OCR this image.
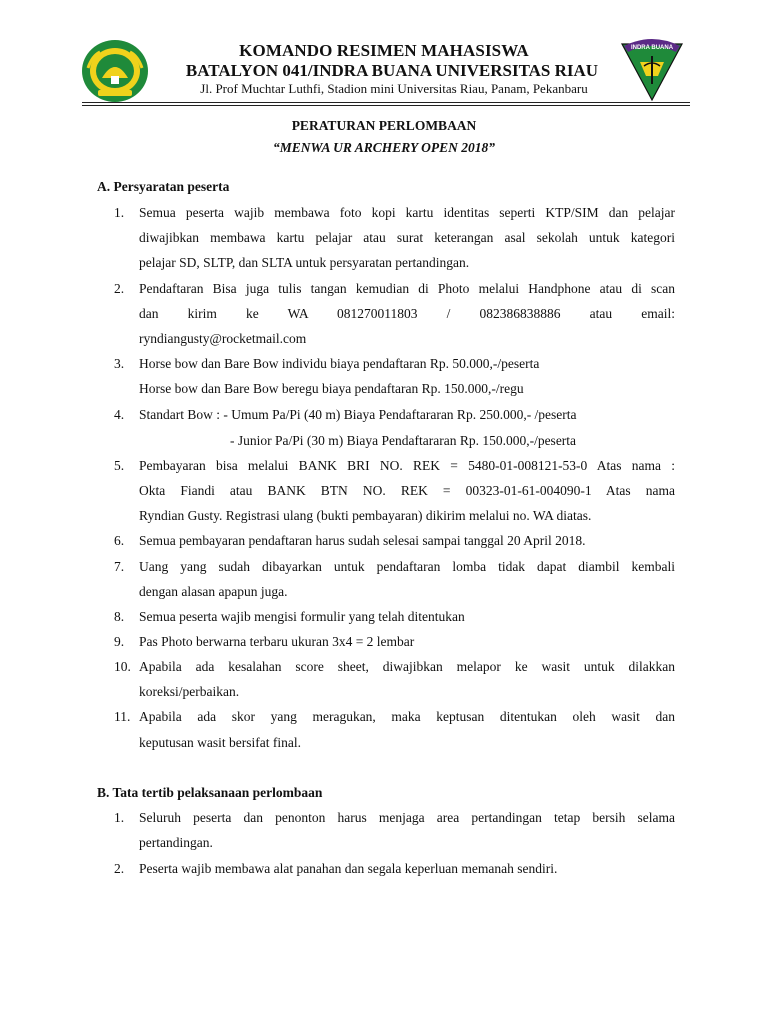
INDRA BUANA
KOMANDO RESIMEN MAHASISWA
BATALYON 041/INDRA BUANA UNIVERSITAS RIAU
Jl. Prof Muchtar Luthfi, Stadion mini Universitas Riau, Panam, Pekanbaru
PERATURAN PERLOMBAAN
“MENWA UR ARCHERY OPEN 2018”
A. Persyaratan peserta
1.	Semua peserta wajib membawa foto kopi kartu identitas seperti KTP/SIM dan pelajar
diwajibkan membawa kartu pelajar atau surat keterangan asal sekolah untuk kategori
pelajar SD, SLTP, dan SLTA untuk persyaratan pertandingan.
2.	Pendaftaran Bisa juga tulis tangan kemudian di Photo melalui Handphone atau di scan
dan kirim ke WA 081270011803 / 082386838886 atau email:
ryndiangusty@rocketmail.com
3.	Horse bow dan Bare Bow individu biaya pendaftaran Rp. 50.000,-/peserta
Horse bow dan Bare Bow beregu biaya pendaftaran Rp. 150.000,-/regu
4.	Standart Bow : - Umum Pa/Pi (40 m) Biaya Pendaftararan Rp. 250.000,- /peserta
- Junior Pa/Pi (30 m) Biaya Pendaftararan Rp. 150.000,-/peserta
5.	Pembayaran bisa melalui BANK BRI NO. REK = 5480-01-008121-53-0 Atas nama :
Okta Fiandi atau BANK BTN NO. REK = 00323-01-61-004090-1 Atas nama
Ryndian Gusty. Registrasi ulang (bukti pembayaran) dikirim melalui no. WA diatas.
6.	Semua pembayaran pendaftaran harus sudah selesai sampai tanggal 20 April 2018.
7.	Uang yang sudah dibayarkan untuk pendaftaran lomba tidak dapat diambil kembali
dengan alasan apapun juga.
8.	Semua peserta wajib mengisi formulir yang telah ditentukan
9.	Pas Photo berwarna terbaru ukuran 3x4 = 2 lembar
10. Apabila ada kesalahan score sheet, diwajibkan melapor ke wasit untuk dilakkan
koreksi/perbaikan.
11. Apabila ada skor yang meragukan, maka keptusan ditentukan oleh wasit dan
keputusan wasit bersifat final.
B. Tata tertib pelaksanaan perlombaan
1.	Seluruh peserta dan penonton harus menjaga area pertandingan tetap bersih selama
pertandingan.
2.	Peserta wajib membawa alat panahan dan segala keperluan memanah sendiri.
